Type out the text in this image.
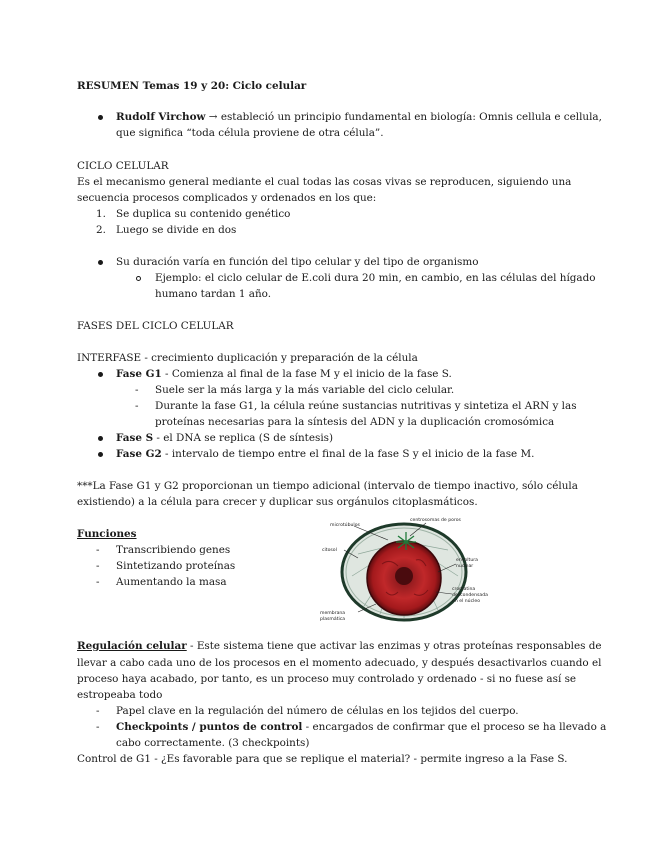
RESUMEN Temas 19 y 20: Ciclo celular
Rudolf Virchow → estableció un principio fundamental en biología: Omnis cellula e cellula,
que significa “toda célula proviene de otra célula”.
CICLO CELULAR
Es el mecanismo general mediante el cual todas las cosas vivas se reproducen, siguiendo una
secuencia procesos complicados y ordenados en los que:
1. Se duplica su contenido genético
2. Luego se divide en dos
Su duración varía en función del tipo celular y del tipo de organismo
Ejemplo: el ciclo celular de E.coli dura 20 min, en cambio, en las células del hígado
humano tardan 1 año.
FASES DEL CICLO CELULAR
INTERFASE - crecimiento duplicación y preparación de la célula
Fase G1 - Comienza al final de la fase M y el inicio de la fase S.
- Suele ser la más larga y la más variable del ciclo celular.
- Durante la fase G1, la célula reúne sustancias nutritivas y sintetiza el ARN y las
proteínas necesarias para la síntesis del ADN y la duplicación cromosómica
Fase S - el DNA se replica (S de síntesis)
Fase G2 - intervalo de tiempo entre el final de la fase S y el inicio de la fase M.
***La Fase G1 y G2 proporcionan un tiempo adicional (intervalo de tiempo inactivo, sólo célula
existiendo) a la célula para crecer y duplicar sus orgánulos citoplasmáticos.
Funciones
- Transcribiendo genes
- Sintetizando proteínas
- Aumentando la masa
microtúbulos
centrosomas de poros
citosol
envoltura
nuclear
cromatina
descondensada
en el núcleo
membrana
plasmática
Regulación celular - Este sistema tiene que activar las enzimas y otras proteínas responsables de
llevar a cabo cada uno de los procesos en el momento adecuado, y después desactivarlos cuando el
proceso haya acabado, por tanto, es un proceso muy controlado y ordenado - si no fuese así se
estropeaba todo
- Papel clave en la regulación del número de células en los tejidos del cuerpo.
- Checkpoints / puntos de control - encargados de confirmar que el proceso se ha llevado a
cabo correctamente. (3 checkpoints)
Control de G1 - ¿Es favorable para que se replique el material? - permite ingreso a la Fase S.
